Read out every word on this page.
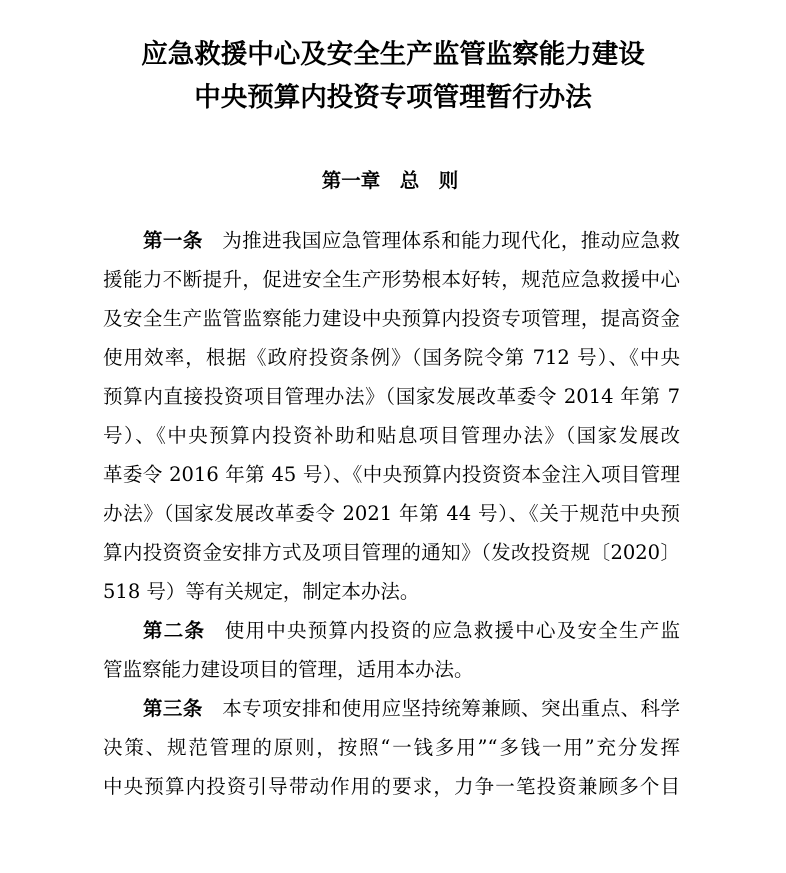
应急救援中心及安全生产监管监察能力建设
中央预算内投资专项管理暂行办法
第一章　总　则
第一条 为推进我国应急管理体系和能力现代化，推动应急救
援能力不断提升，促进安全生产形势根本好转，规范应急救援中心
及安全生产监管监察能力建设中央预算内投资专项管理，提高资金
使用效率，根据《政府投资条例》（国务院令第 712 号）、《中央
预算内直接投资项目管理办法》（国家发展改革委令 2014 年第 7
号）、《中央预算内投资补助和贴息项目管理办法》（国家发展改
革委令 2016 年第 45 号）、《中央预算内投资资本金注入项目管理
办法》（国家发展改革委令 2021 年第 44 号）、《关于规范中央预
算内投资资金安排方式及项目管理的通知》（发改投资规〔2020〕
518 号）等有关规定，制定本办法。
第二条 使用中央预算内投资的应急救援中心及安全生产监
管监察能力建设项目的管理，适用本办法。
第三条 本专项安排和使用应坚持统筹兼顾、突出重点、科学
决策、规范管理的原则，按照“一钱多用”“多钱一用”充分发挥
中央预算内投资引导带动作用的要求，力争一笔投资兼顾多个目
